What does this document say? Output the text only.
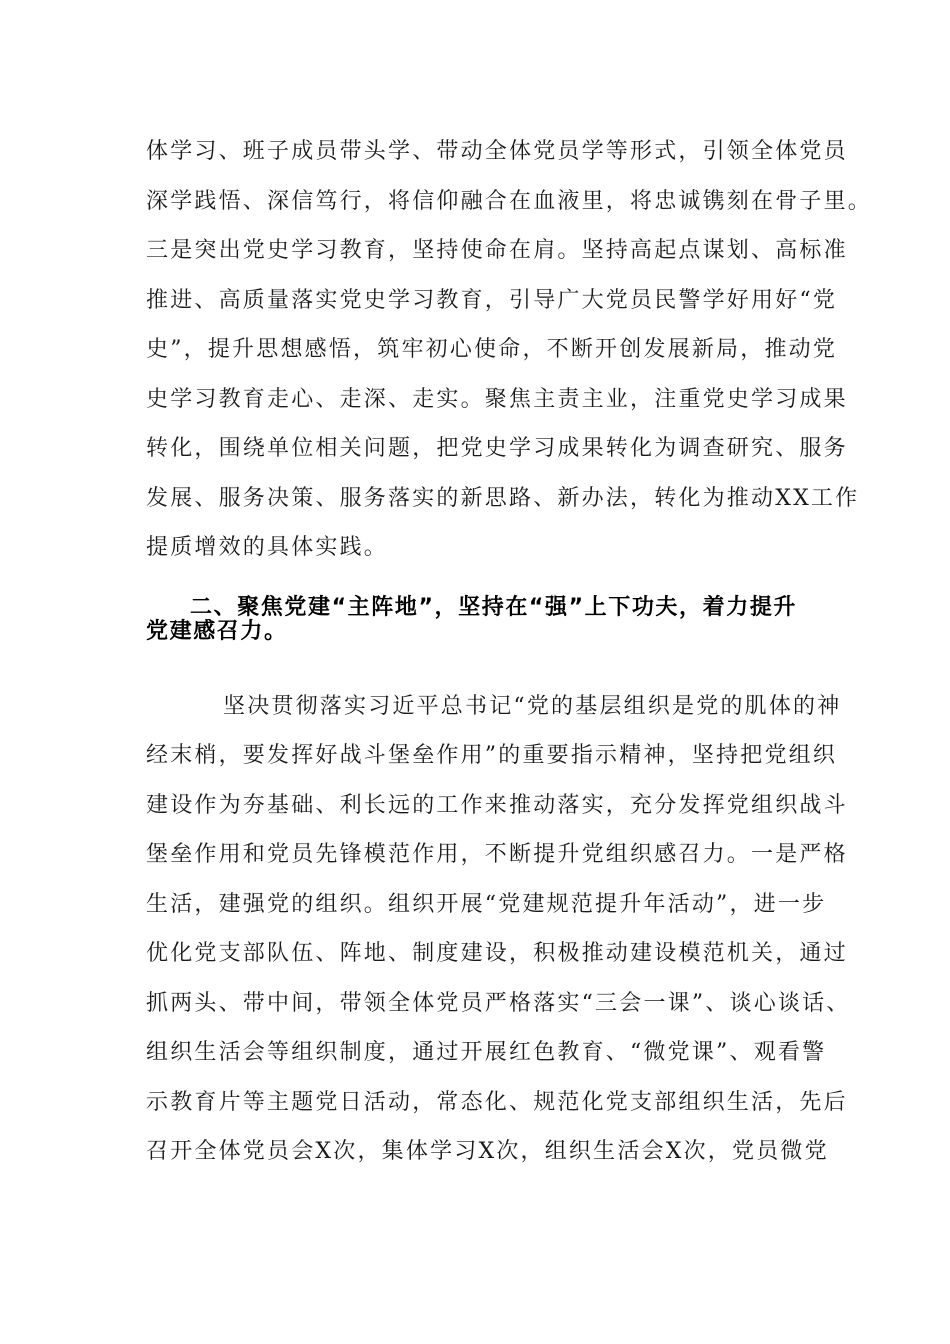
体学习、班子成员带头学、带动全体党员学等形式，引领全体党员
深学践悟、深信笃行，将信仰融合在血液里，将忠诚镌刻在骨子里。
三是突出党史学习教育，坚持使命在肩。坚持高起点谋划、高标准
推进、高质量落实党史学习教育，引导广大党员民警学好用好“党
史”，提升思想感悟，筑牢初心使命，不断开创发展新局，推动党
史学习教育走心、走深、走实。聚焦主责主业，注重党史学习成果
转化，围绕单位相关问题，把党史学习成果转化为调查研究、服务
发展、服务决策、服务落实的新思路、新办法，转化为推动XX工作
提质增效的具体实践。
二、聚焦党建“主阵地”，坚持在“强”上下功夫，着力提升
党建感召力。
坚决贯彻落实习近平总书记“党的基层组织是党的肌体的神
经末梢，要发挥好战斗堡垒作用”的重要指示精神，坚持把党组织
建设作为夯基础、利长远的工作来推动落实，充分发挥党组织战斗
堡垒作用和党员先锋模范作用，不断提升党组织感召力。一是严格
生活，建强党的组织。组织开展“党建规范提升年活动”，进一步
优化党支部队伍、阵地、制度建设，积极推动建设模范机关，通过
抓两头、带中间，带领全体党员严格落实“三会一课”、谈心谈话、
组织生活会等组织制度，通过开展红色教育、“微党课”、观看警
示教育片等主题党日活动，常态化、规范化党支部组织生活，先后
召开全体党员会X次，集体学习X次，组织生活会X次，党员微党
